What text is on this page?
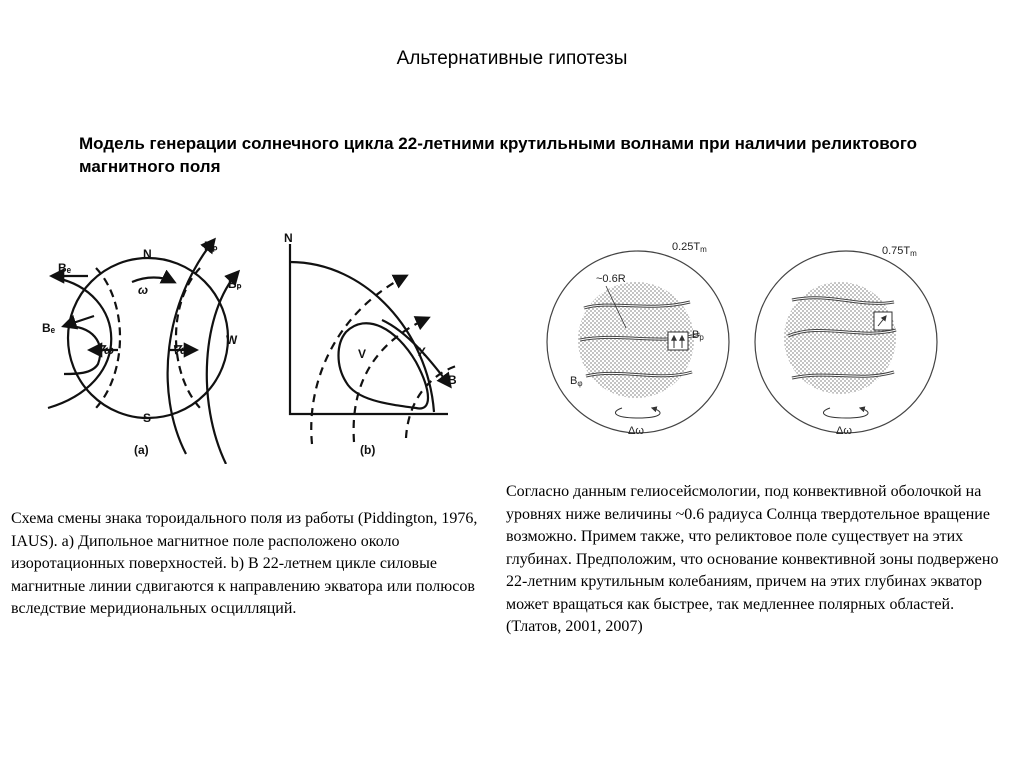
Альтернативные гипотезы
Модель генерации солнечного цикла 22-летними крутильными волнами при наличии реликтового магнитного поля
N
S
W
ω
∇ω	∇ω
Bₑ
Bₑ
Bₚ
Bₚ
(a)
N
V	X
B
(b)
0.25Tm
~0.6R
Bp
Bφ
Δω
0.75Tm
Δω
Схема смены знака тороидального поля из работы (Piddington, 1976, IAUS). a) Дипольное магнитное поле расположено около изоротационных поверхностей. b) В 22-летнем цикле силовые магнитные линии сдвигаются к направлению экватора или полюсов вследствие меридиональных осцилляций.
Согласно данным гелиосейсмологии, под конвективной оболочкой на уровнях ниже величины ~0.6 радиуса Солнца твердотельное вращение возможно. Примем также, что реликтовое поле существует на этих глубинах. Предположим, что основание конвективной зоны подвержено 22-летним крутильным колебаниям, причем на этих глубинах экватор может вращаться как быстрее, так медленнее полярных областей. (Тлатов, 2001, 2007)
